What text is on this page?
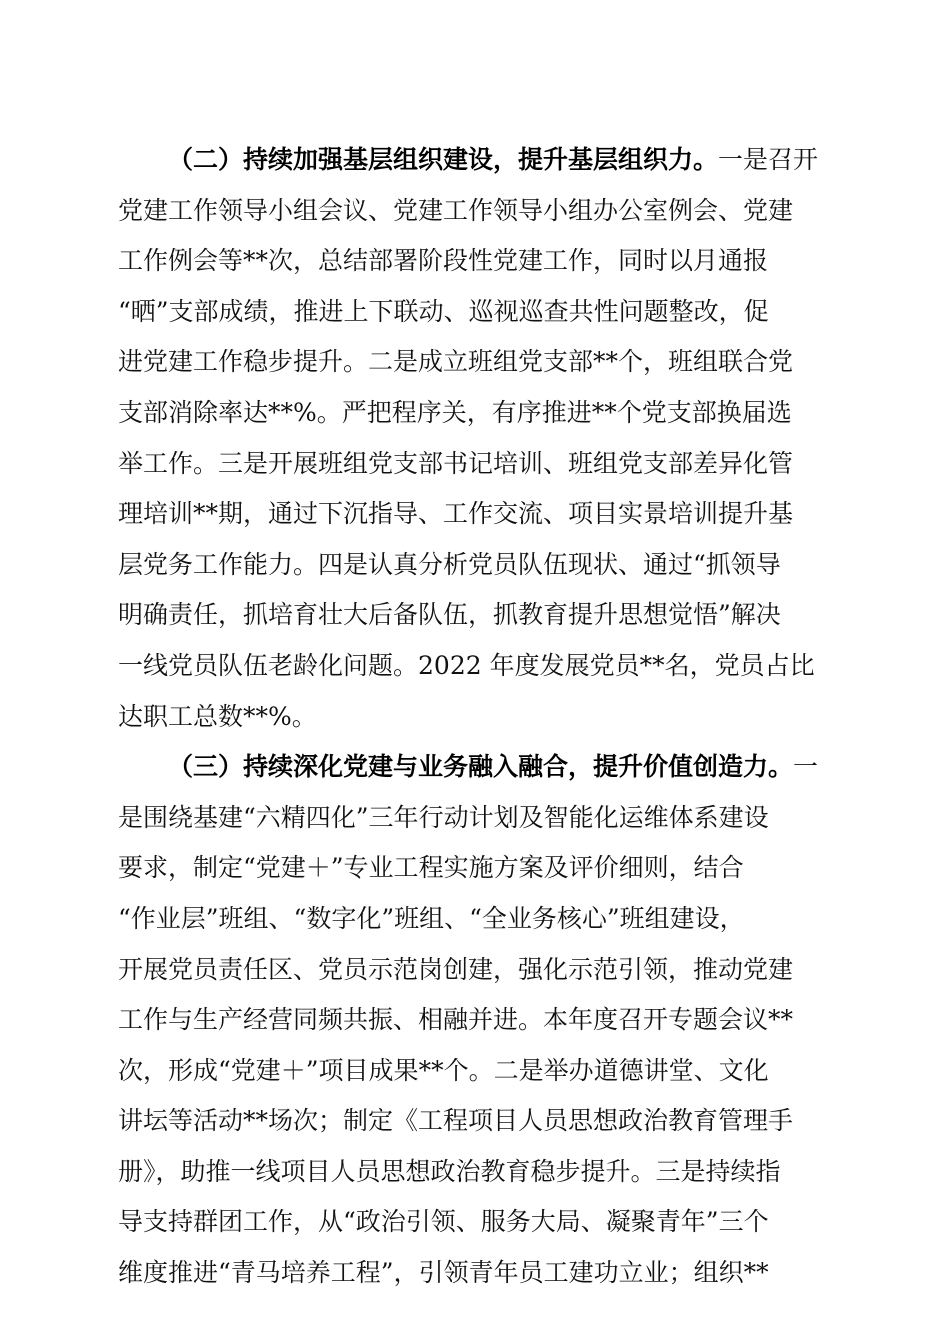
（二）持续加强基层组织建设，提升基层组织力。一是召开
党建工作领导小组会议、党建工作领导小组办公室例会、党建
工作例会等**次，总结部署阶段性党建工作，同时以月通报
“晒”支部成绩，推进上下联动、巡视巡查共性问题整改，促
进党建工作稳步提升。二是成立班组党支部**个，班组联合党
支部消除率达**%。严把程序关，有序推进**个党支部换届选
举工作。三是开展班组党支部书记培训、班组党支部差异化管
理培训**期，通过下沉指导、工作交流、项目实景培训提升基
层党务工作能力。四是认真分析党员队伍现状、通过“抓领导
明确责任，抓培育壮大后备队伍，抓教育提升思想觉悟”解决
一线党员队伍老龄化问题。2022 年度发展党员**名，党员占比
达职工总数**%。
（三）持续深化党建与业务融入融合，提升价值创造力。一
是围绕基建“六精四化”三年行动计划及智能化运维体系建设
要求，制定“党建＋”专业工程实施方案及评价细则，结合
“作业层”班组、“数字化”班组、“全业务核心”班组建设，
开展党员责任区、党员示范岗创建，强化示范引领，推动党建
工作与生产经营同频共振、相融并进。本年度召开专题会议**
次，形成“党建＋”项目成果**个。二是举办道德讲堂、文化
讲坛等活动**场次；制定《工程项目人员思想政治教育管理手
册》，助推一线项目人员思想政治教育稳步提升。三是持续指
导支持群团工作，从“政治引领、服务大局、凝聚青年”三个
维度推进“青马培养工程”，引领青年员工建功立业；组织**
